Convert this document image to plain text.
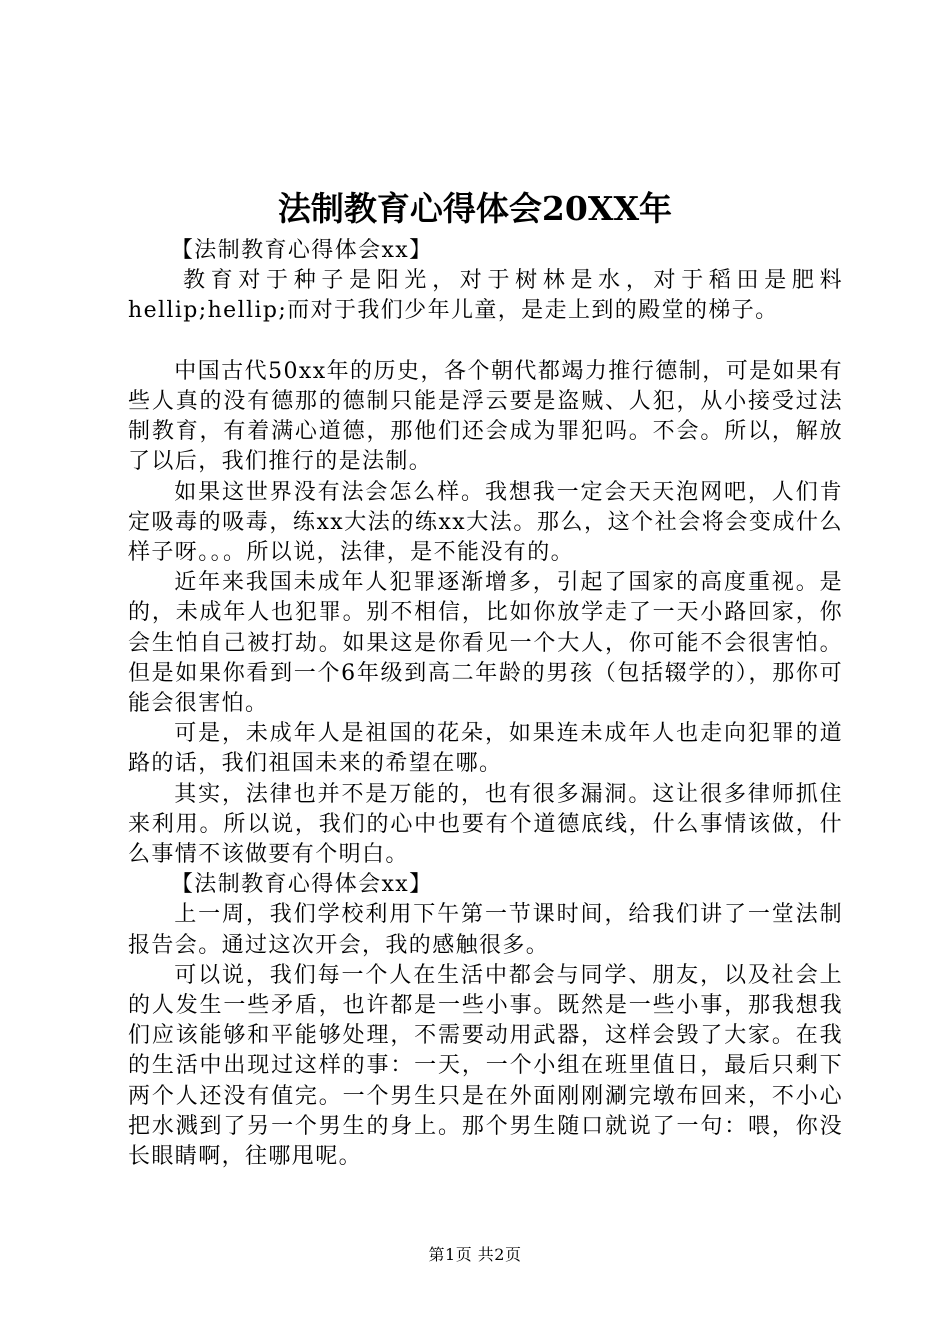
法制教育心得体会20XX年

【法制教育心得体会xx】

教育对于种子是阳光，对于树林是水，对于稻田是肥料hellip;hellip;而对于我们少年儿童，是走上到的殿堂的梯子。

中国古代50xx年的历史，各个朝代都竭力推行德制，可是如果有些人真的没有德那的德制只能是浮云要是盗贼、人犯，从小接受过法制教育，有着满心道德，那他们还会成为罪犯吗。不会。所以，解放了以后，我们推行的是法制。

如果这世界没有法会怎么样。我想我一定会天天泡网吧，人们肯定吸毒的吸毒，练xx大法的练xx大法。那么，这个社会将会变成什么样子呀。。。所以说，法律，是不能没有的。

近年来我国未成年人犯罪逐渐增多，引起了国家的高度重视。是的，未成年人也犯罪。别不相信，比如你放学走了一天小路回家，你会生怕自己被打劫。如果这是你看见一个大人，你可能不会很害怕。但是如果你看到一个6年级到高二年龄的男孩（包括辍学的），那你可能会很害怕。

可是，未成年人是祖国的花朵，如果连未成年人也走向犯罪的道路的话，我们祖国未来的希望在哪。

其实，法律也并不是万能的，也有很多漏洞。这让很多律师抓住来利用。所以说，我们的心中也要有个道德底线，什么事情该做，什么事情不该做要有个明白。

【法制教育心得体会xx】

上一周，我们学校利用下午第一节课时间，给我们讲了一堂法制报告会。通过这次开会，我的感触很多。

可以说，我们每一个人在生活中都会与同学、朋友，以及社会上的人发生一些矛盾，也许都是一些小事。既然是一些小事，那我想我们应该能够和平能够处理，不需要动用武器，这样会毁了大家。在我的生活中出现过这样的事：一天，一个小组在班里值日，最后只剩下两个人还没有值完。一个男生只是在外面刚刚涮完墩布回来，不小心把水溅到了另一个男生的身上。那个男生随口就说了一句：喂，你没长眼睛啊，往哪甩呢。

第1页 共2页
